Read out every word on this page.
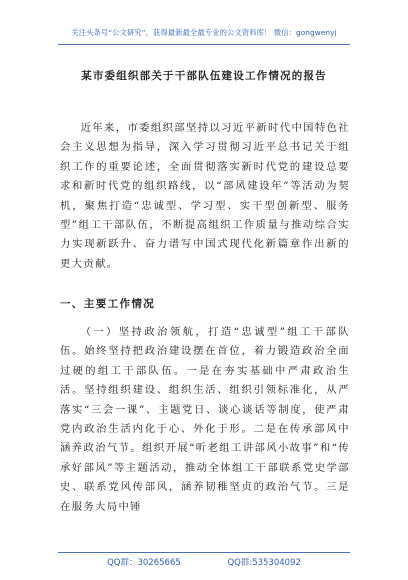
关注头条号“公文研究”，获得最新最全最专业的公文资料库！ 微信：gongwenyj
某市委组织部关于干部队伍建设工作情况的报告

近年来，市委组织部坚持以习近平新时代中国特色社会主义思想为指导，深入学习贯彻习近平总书记关于组织工作的重要论述，全面贯彻落实新时代党的建设总要求和新时代党的组织路线，以“部风建设年”等活动为契机，聚焦打造“忠诚型、学习型、实干型创新型、服务型”组工干部队伍，不断提高组织工作质量与推动综合实力实现新跃升、奋力谱写中国式现代化新篇章作出新的更大贡献。

一、主要工作情况

（一）坚持政治领航，打造“忠诚型”组工干部队伍。始终坚持把政治建设摆在首位，着力锻造政治全面过硬的组工干部队伍。一是在夯实基础中严肃政治生活。坚持组织建设、组织生活、组织引领标准化，从严落实“三会一课”、主题党日、谈心谈话等制度，使严肃党内政治生活内化于心、外化于形。二是在传承部风中涵养政治气节。组织开展“听老组工讲部风小故事”和“传承好部风”等主题活动，推动全体组工干部联系党史学部史、联系党风传部风，涵养韧稚坚贞的政治气节。三是在服务大局中锤

QQ群：30265665	QQ群:535304092
